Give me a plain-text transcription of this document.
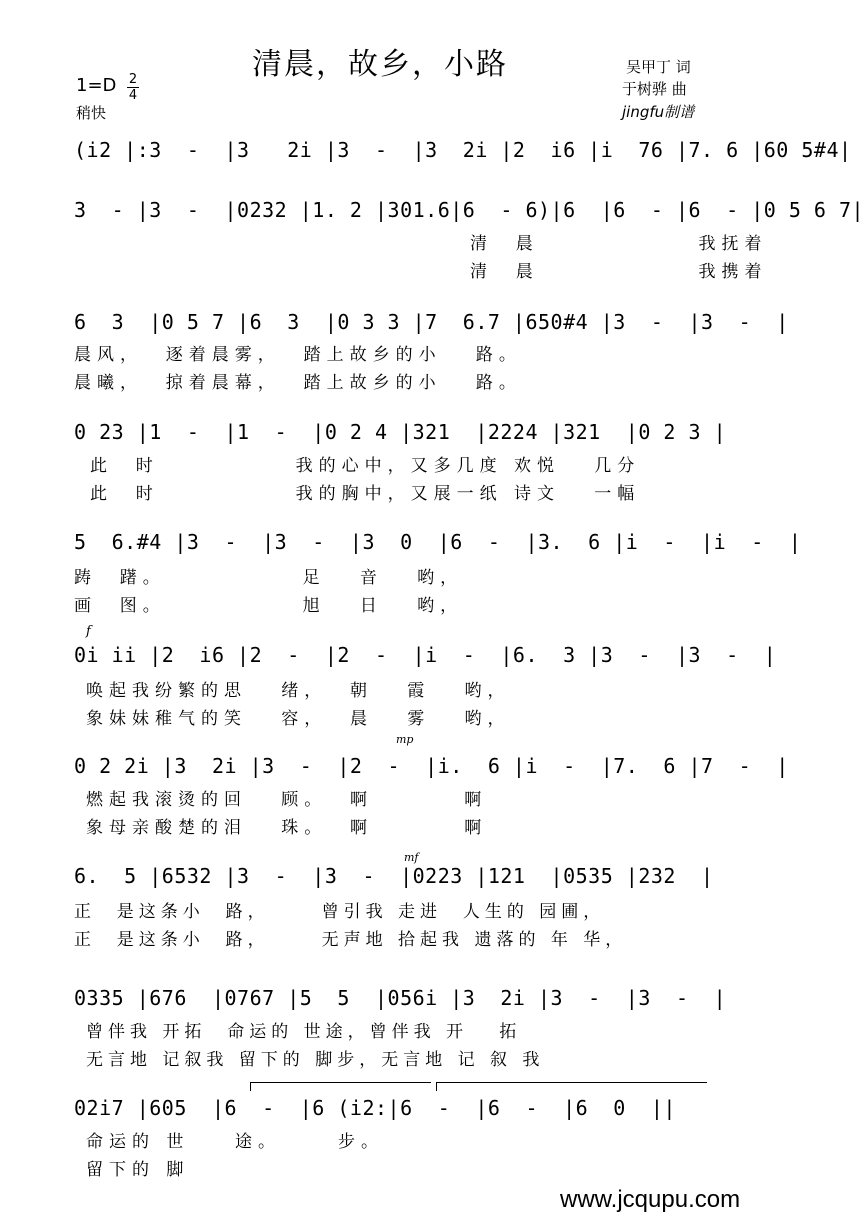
清晨，故乡，小路
1=D 2
4
稍快
吴甲丁 词
于树骅 曲
jingfu制谱
(i2 |:3  -  |3   2i |3  -  |3  2i |2  i6 |i  76 |7. 6 |60 5#4|
3  - |3  -  |0232 |1. 2 |301.6|6  - 6)|6  |6  - |6  - |0 5 6 7|
清  晨              我抚着
清  晨              我携着
6  3  |0 5 7 |6  3  |0 3 3 |7  6.7 |650#4 |3  -  |3  -  |
晨风，  逐着晨雾，  踏上故乡的小   路。
晨曦，  掠着晨幕，  踏上故乡的小   路。
0 23 |1  -  |1  -  |0 2 4 |321  |2224 |321  |0 2 3 |
此  时            我的心中，又多几度 欢悦   几分
此  时            我的胸中，又展一纸 诗文   一幅
5  6.#4 |3  -  |3  -  |3  0  |6  -  |3.  6 |i  -  |i  -  |
踌  躇。            足   音   哟，
画  图。            旭   日   哟，
f
0i ii |2  i6 |2  -  |2  -  |i  -  |6.  3 |3  -  |3  -  |
唤起我纷繁的思   绪，  朝   霞   哟，
象妹妹稚气的笑   容，  晨   雾   哟，
mp
0 2 2i |3  2i |3  -  |2  -  |i.  6 |i  -  |7.  6 |7  -  |
燃起我滚烫的回   顾。  啊        啊
象母亲酸楚的泪   珠。  啊        啊
mf
6.  5 |6532 |3  -  |3  -  |0223 |121  |0535 |232  |
正  是这条小  路，     曾引我 走进  人生的 园圃，
正  是这条小  路，     无声地 拾起我 遗落的 年 华，
0335 |676  |0767 |5  5  |056i |3  2i |3  -  |3  -  |
曾伴我 开拓  命运的 世途，曾伴我 开   拓
无言地 记叙我 留下的 脚步，无言地 记 叙 我
02i7 |605  |6  -  |6 (i2:|6  -  |6  -  |6  0  ||
命运的 世    途。     步。
留下的 脚
www.jcqupu.com
